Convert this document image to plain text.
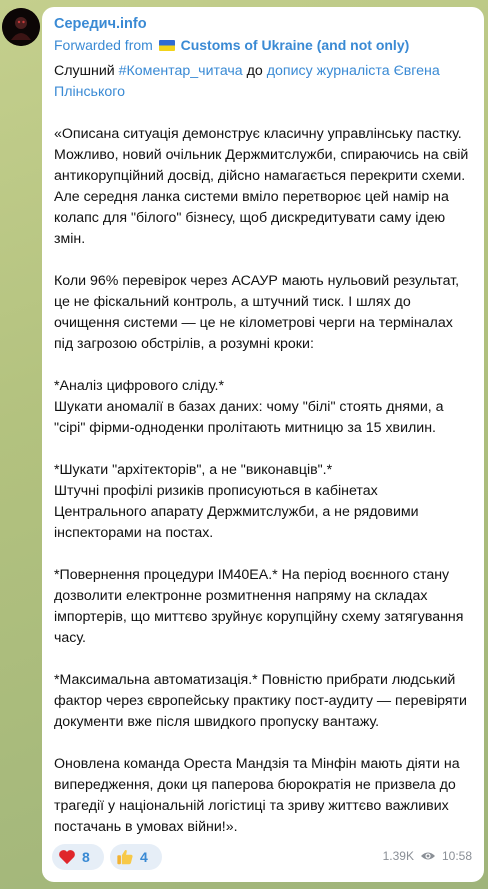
Середич.info
Forwarded from Customs of Ukraine (and not only)
Слушний #Коментар_читача до допису журналіста Євгена Плінського
«Описана ситуація демонструє класичну управлінську пастку. Можливо, новий очільник Держмитслужби, спираючись на свій антикорупційний досвід, дійсно намагається перекрити схеми. Але середня ланка системи вміло перетворює цей намір на колапс для "білого" бізнесу, щоб дискредитувати саму ідею змін.
Коли 96% перевірок через АСАУР мають нульовий результат, це не фіскальний контроль, а штучний тиск. І шлях до очищення системи — це не кілометрові черги на терміналах під загрозою обстрілів, а розумні кроки:
*Аналіз цифрового сліду.*
Шукати аномалії в базах даних: чому "білі" стоять днями, а "сірі" фірми-одноденки пролітають митницю за 15 хвилин.
*Шукати "архітекторів", а не "виконавців".*
Штучні профілі ризиків прописуються в кабінетах Центрального апарату Держмитслужби, а не рядовими інспекторами на постах.
*Повернення процедури ІМ40ЕА.* На період воєнного стану дозволити електронне розмитнення напряму на складах імпортерів, що миттєво зруйнує корупційну схему затягування часу.
*Максимальна автоматизація.* Повністю прибрати людський фактор через європейську практику пост-аудиту — перевіряти документи вже після швидкого пропуску вантажу.
Оновлена команда Ореста Мандзія та Мінфін мають діяти на випередження, доки ця паперова бюрократія не призвела до трагедії у національній логістиці та зриву життєво важливих постачань в умовах війни!».
8	4	1.39K 10:58
